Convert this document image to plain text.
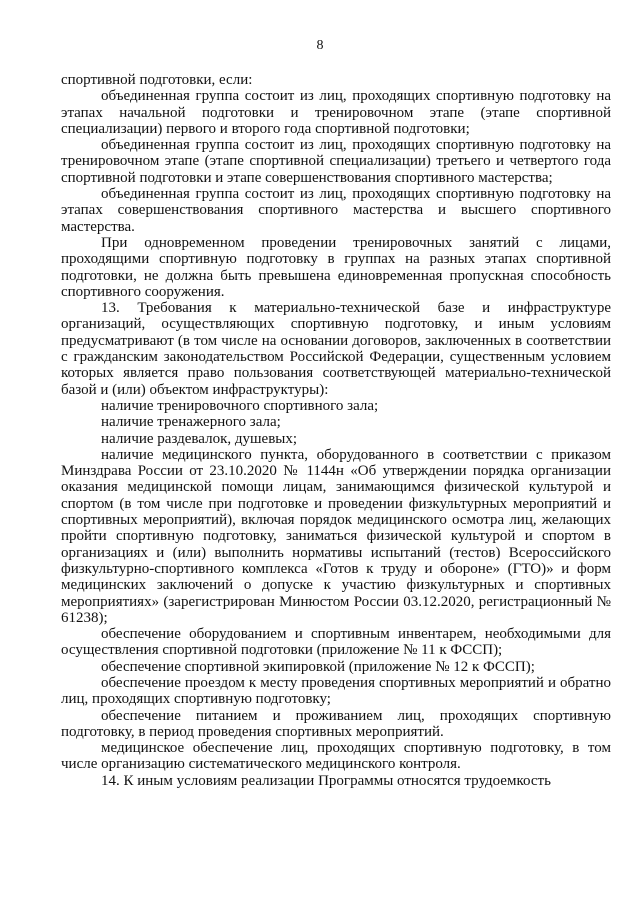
8

спортивной подготовки, если:

объединенная группа состоит из лиц, проходящих спортивную подготовку на этапах начальной подготовки и тренировочном этапе (этапе спортивной специализации) первого и второго года спортивной подготовки;

объединенная группа состоит из лиц, проходящих спортивную подготовку на тренировочном этапе (этапе спортивной специализации) третьего и четвертого года спортивной подготовки и этапе совершенствования спортивного мастерства;

объединенная группа состоит из лиц, проходящих спортивную подготовку на этапах совершенствования спортивного мастерства и высшего спортивного мастерства.

При одновременном проведении тренировочных занятий с лицами, проходящими спортивную подготовку в группах на разных этапах спортивной подготовки, не должна быть превышена единовременная пропускная способность спортивного сооружения.

13. Требования к материально-технической базе и инфраструктуре организаций, осуществляющих спортивную подготовку, и иным условиям предусматривают (в том числе на основании договоров, заключенных в соответствии с гражданским законодательством Российской Федерации, существенным условием которых является право пользования соответствующей материально-технической базой и (или) объектом инфраструктуры):

наличие тренировочного спортивного зала;

наличие тренажерного зала;

наличие раздевалок, душевых;

наличие медицинского пункта, оборудованного в соответствии с приказом Минздрава России от 23.10.2020 № 1144н «Об утверждении порядка организации оказания медицинской помощи лицам, занимающимся физической культурой и спортом (в том числе при подготовке и проведении физкультурных мероприятий и спортивных мероприятий), включая порядок медицинского осмотра лиц, желающих пройти спортивную подготовку, заниматься физической культурой и спортом в организациях и (или) выполнить нормативы испытаний (тестов) Всероссийского физкультурно-спортивного комплекса «Готов к труду и обороне» (ГТО)» и форм медицинских заключений о допуске к участию физкультурных и спортивных мероприятиях» (зарегистрирован Минюстом России 03.12.2020, регистрационный № 61238);

обеспечение оборудованием и спортивным инвентарем, необходимыми для осуществления спортивной подготовки (приложение № 11 к ФССП);

обеспечение спортивной экипировкой (приложение № 12 к ФССП);

обеспечение проездом к месту проведения спортивных мероприятий и обратно лиц, проходящих спортивную подготовку;

обеспечение питанием и проживанием лиц, проходящих спортивную подготовку, в период проведения спортивных мероприятий.

медицинское обеспечение лиц, проходящих спортивную подготовку, в том числе организацию систематического медицинского контроля.

14. К иным условиям реализации Программы относятся трудоемкость
